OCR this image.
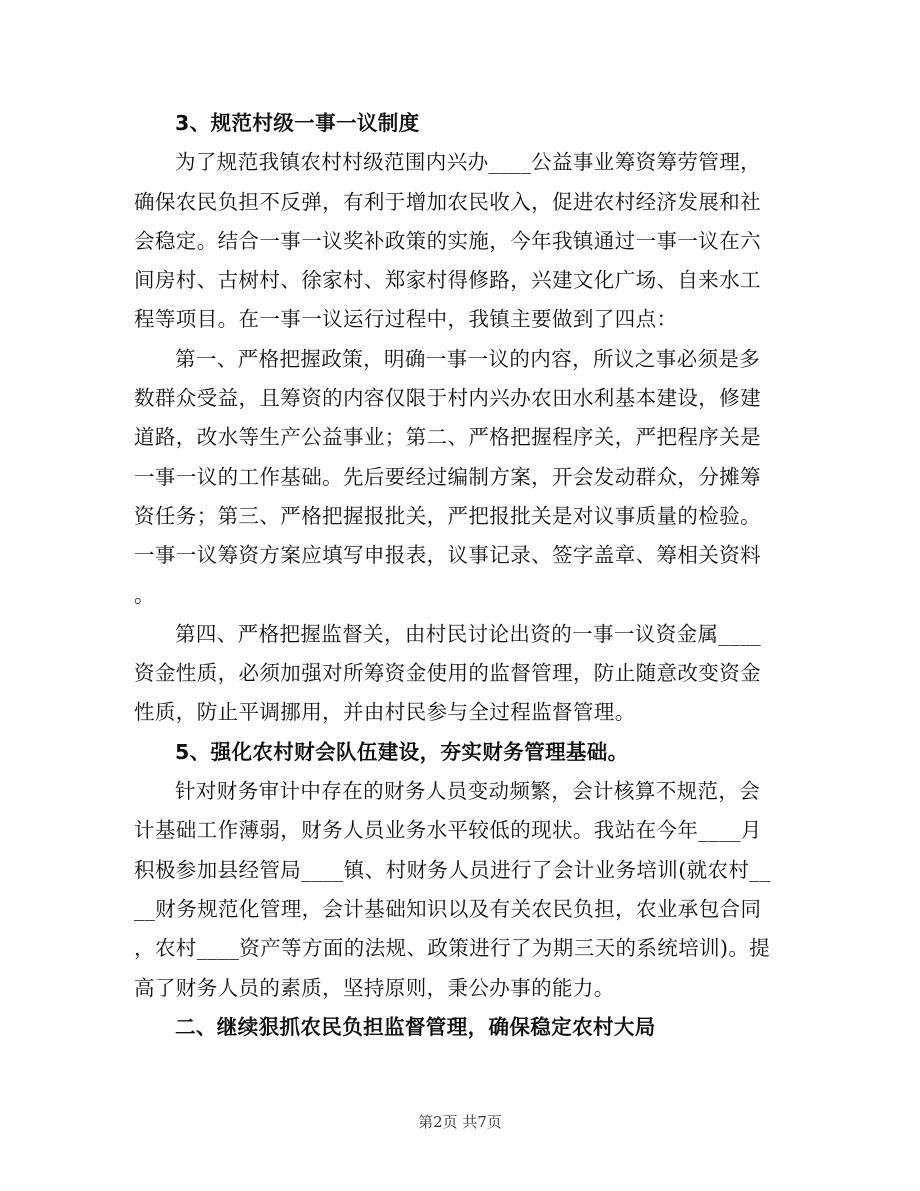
3、规范村级一事一议制度
为了规范我镇农村村级范围内兴办____公益事业筹资筹劳管理，
确保农民负担不反弹，有利于增加农民收入，促进农村经济发展和社
会稳定。结合一事一议奖补政策的实施，今年我镇通过一事一议在六
间房村、古树村、徐家村、郑家村得修路，兴建文化广场、自来水工
程等项目。在一事一议运行过程中，我镇主要做到了四点：
第一、严格把握政策，明确一事一议的内容，所议之事必须是多
数群众受益，且筹资的内容仅限于村内兴办农田水利基本建设，修建
道路，改水等生产公益事业；第二、严格把握程序关，严把程序关是
一事一议的工作基础。先后要经过编制方案，开会发动群众，分摊筹
资任务；第三、严格把握报批关，严把报批关是对议事质量的检验。
一事一议筹资方案应填写申报表，议事记录、签字盖章、筹相关资料
。
第四、严格把握监督关，由村民讨论出资的一事一议资金属____
资金性质，必须加强对所筹资金使用的监督管理，防止随意改变资金
性质，防止平调挪用，并由村民参与全过程监督管理。
5、强化农村财会队伍建设，夯实财务管理基础。
针对财务审计中存在的财务人员变动频繁，会计核算不规范，会
计基础工作薄弱，财务人员业务水平较低的现状。我站在今年____月
积极参加县经管局____镇、村财务人员进行了会计业务培训(就农村__
__财务规范化管理，会计基础知识以及有关农民负担，农业承包合同
，农村____资产等方面的法规、政策进行了为期三天的系统培训)。提
高了财务人员的素质，坚持原则，秉公办事的能力。
二、继续狠抓农民负担监督管理，确保稳定农村大局
第2页 共7页
